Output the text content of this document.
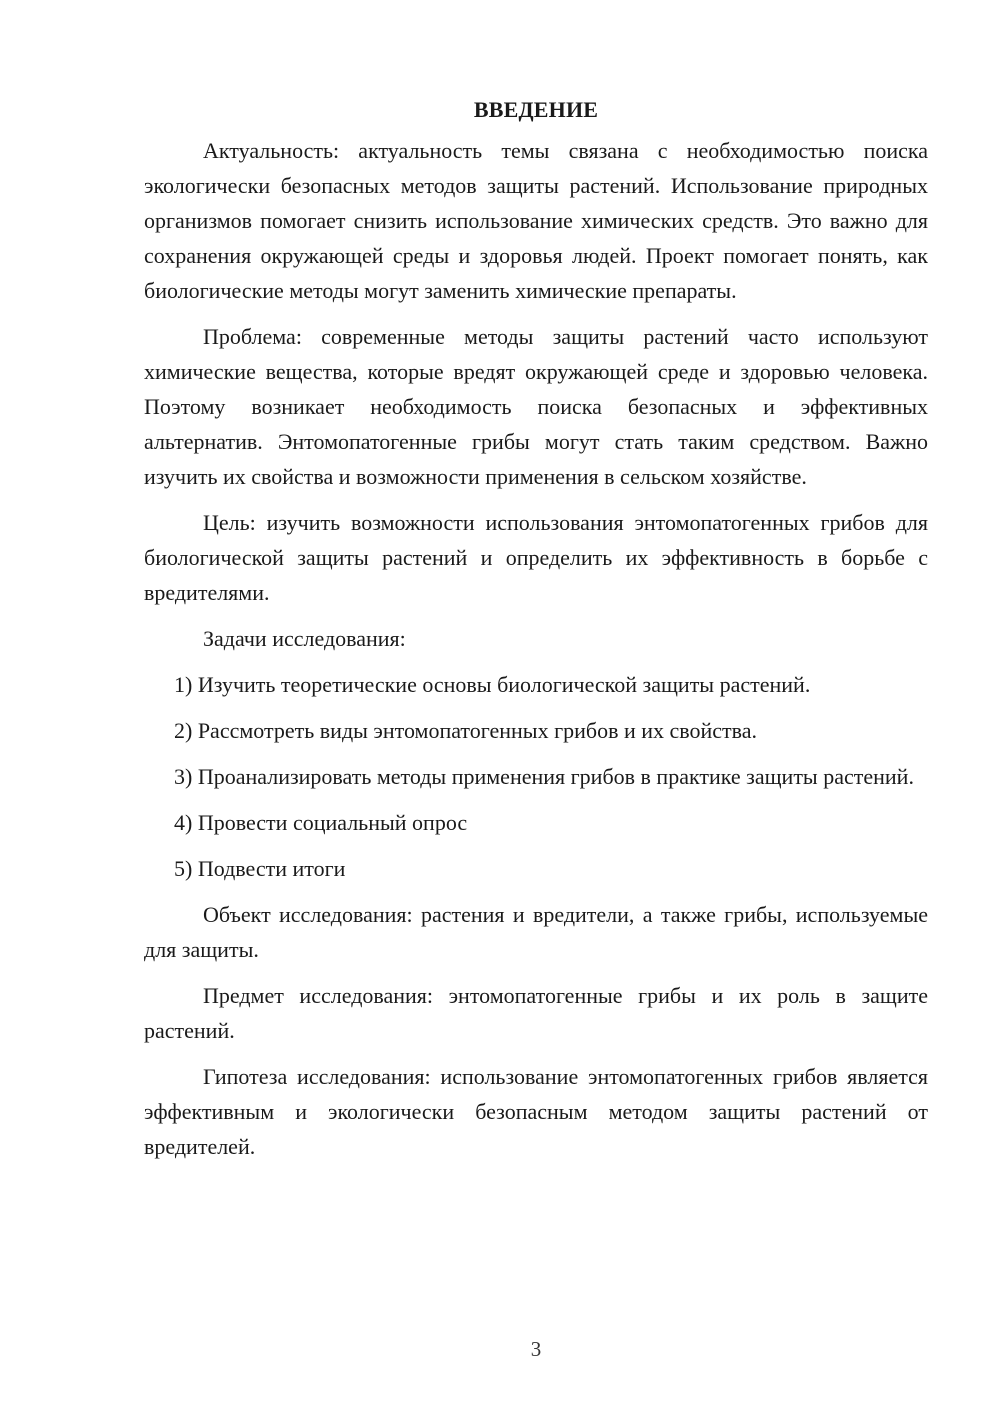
ВВЕДЕНИЕ

Актуальность: актуальность темы связана с необходимостью поиска экологически безопасных методов защиты растений. Использование природных организмов помогает снизить использование химических средств. Это важно для сохранения окружающей среды и здоровья людей. Проект помогает понять, как биологические методы могут заменить химические препараты.

Проблема: современные методы защиты растений часто используют химические вещества, которые вредят окружающей среде и здоровью человека. Поэтому возникает необходимость поиска безопасных и эффективных альтернатив. Энтомопатогенные грибы могут стать таким средством. Важно изучить их свойства и возможности применения в сельском хозяйстве.

Цель: изучить возможности использования энтомопатогенных грибов для биологической защиты растений и определить их эффективность в борьбе с вредителями.

Задачи исследования:

1) Изучить теоретические основы биологической защиты растений.

2) Рассмотреть виды энтомопатогенных грибов и их свойства.

3) Проанализировать методы применения грибов в практике защиты растений.

4) Провести социальный опрос

5) Подвести итоги

Объект исследования: растения и вредители, а также грибы, используемые для защиты.

Предмет исследования: энтомопатогенные грибы и их роль в защите растений.

Гипотеза исследования: использование энтомопатогенных грибов является эффективным и экологически безопасным методом защиты растений от вредителей.

3
